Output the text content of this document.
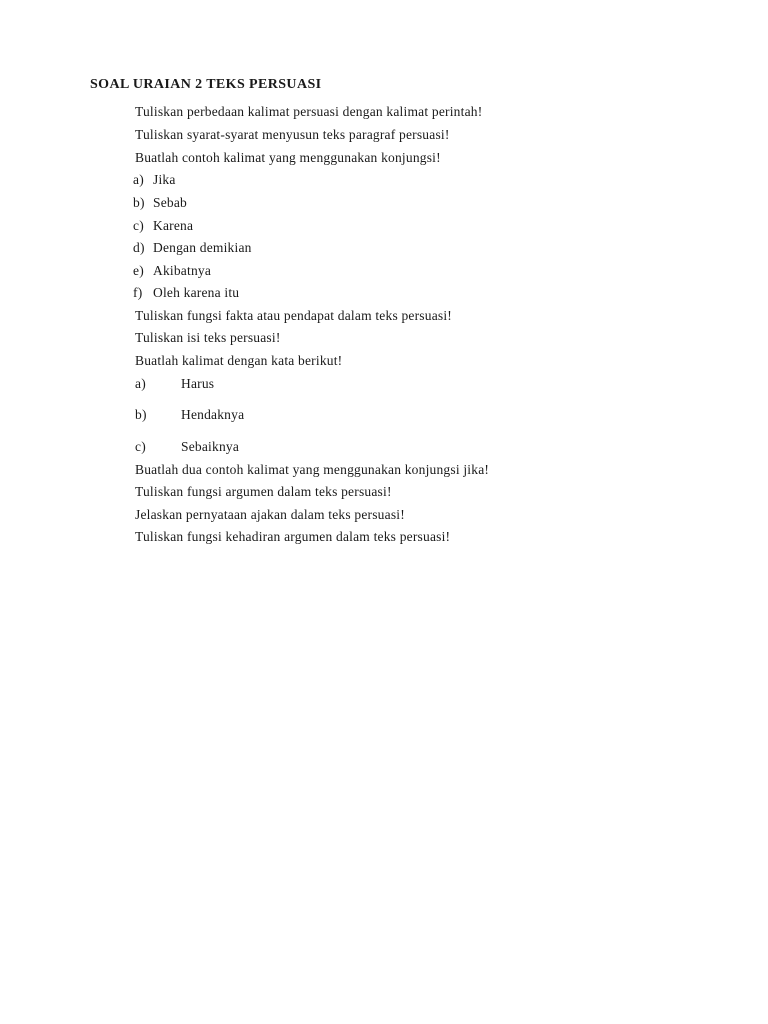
SOAL URAIAN 2 TEKS PERSUASI
Tuliskan perbedaan kalimat persuasi dengan kalimat perintah!
Tuliskan syarat-syarat menyusun teks paragraf persuasi!
Buatlah contoh kalimat yang menggunakan konjungsi!
a) Jika
b) Sebab
c) Karena
d) Dengan demikian
e) Akibatnya
f) Oleh karena itu
Tuliskan fungsi fakta atau pendapat dalam teks persuasi!
Tuliskan isi teks persuasi!
Buatlah kalimat dengan kata berikut!
a)	Harus
b)	Hendaknya
c)	Sebaiknya
Buatlah dua contoh kalimat yang menggunakan konjungsi jika!
Tuliskan fungsi argumen dalam teks persuasi!
Jelaskan pernyataan ajakan dalam teks persuasi!
Tuliskan fungsi kehadiran argumen dalam teks persuasi!
